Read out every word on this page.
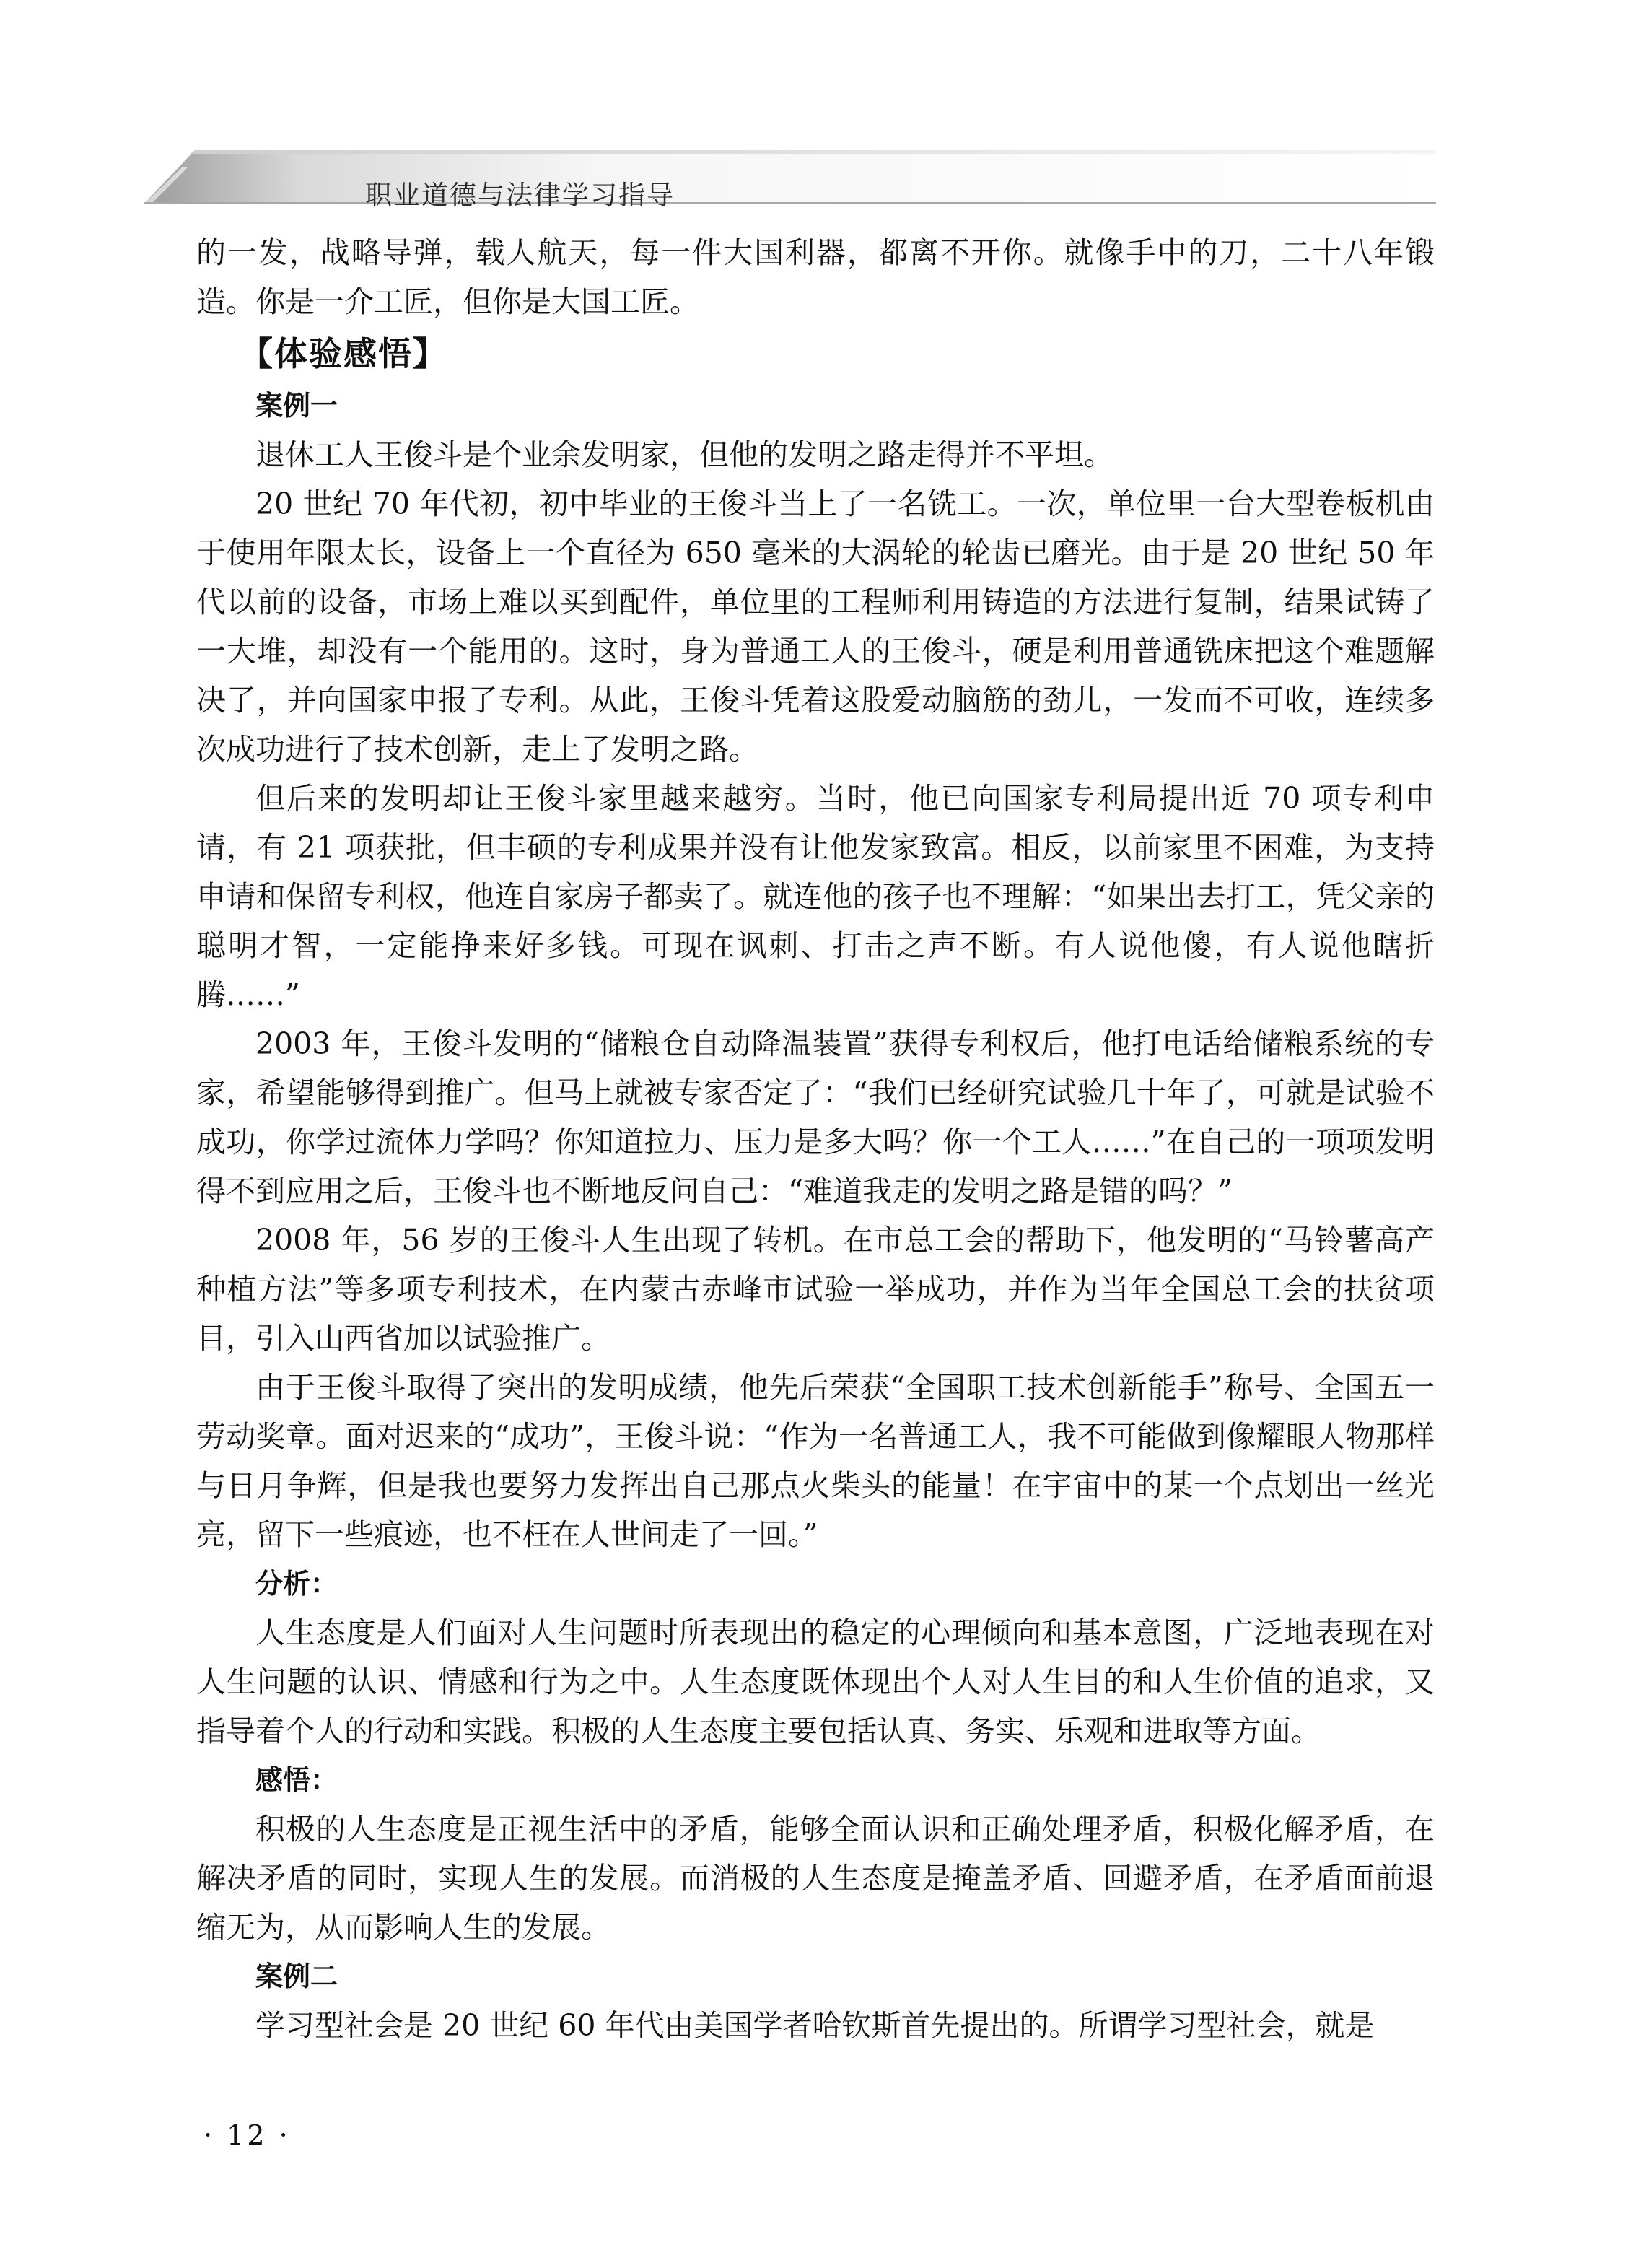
职业道德与法律学习指导

的一发，战略导弹，载人航天，每一件大国利器，都离不开你。就像手中的刀，二十八年锻造。你是一介工匠，但你是大国工匠。

【体验感悟】
案例一

退休工人王俊斗是个业余发明家，但他的发明之路走得并不平坦。

20 世纪 70 年代初，初中毕业的王俊斗当上了一名铣工。一次，单位里一台大型卷板机由于使用年限太长，设备上一个直径为 650 毫米的大涡轮的轮齿已磨光。由于是 20 世纪 50 年代以前的设备，市场上难以买到配件，单位里的工程师利用铸造的方法进行复制，结果试铸了一大堆，却没有一个能用的。这时，身为普通工人的王俊斗，硬是利用普通铣床把这个难题解决了，并向国家申报了专利。从此，王俊斗凭着这股爱动脑筋的劲儿，一发而不可收，连续多次成功进行了技术创新，走上了发明之路。

但后来的发明却让王俊斗家里越来越穷。当时，他已向国家专利局提出近 70 项专利申请，有 21 项获批，但丰硕的专利成果并没有让他发家致富。相反，以前家里不困难，为支持申请和保留专利权，他连自家房子都卖了。就连他的孩子也不理解：“如果出去打工，凭父亲的聪明才智，一定能挣来好多钱。可现在讽刺、打击之声不断。有人说他傻，有人说他瞎折腾……”

2003 年，王俊斗发明的“储粮仓自动降温装置”获得专利权后，他打电话给储粮系统的专家，希望能够得到推广。但马上就被专家否定了：“我们已经研究试验几十年了，可就是试验不成功，你学过流体力学吗？你知道拉力、压力是多大吗？你一个工人……”在自己的一项项发明得不到应用之后，王俊斗也不断地反问自己：“难道我走的发明之路是错的吗？”

2008 年，56 岁的王俊斗人生出现了转机。在市总工会的帮助下，他发明的“马铃薯高产种植方法”等多项专利技术，在内蒙古赤峰市试验一举成功，并作为当年全国总工会的扶贫项目，引入山西省加以试验推广。

由于王俊斗取得了突出的发明成绩，他先后荣获“全国职工技术创新能手”称号、全国五一劳动奖章。面对迟来的“成功”，王俊斗说：“作为一名普通工人，我不可能做到像耀眼人物那样与日月争辉，但是我也要努力发挥出自己那点火柴头的能量！在宇宙中的某一个点划出一丝光亮，留下一些痕迹，也不枉在人世间走了一回。”

分析：

人生态度是人们面对人生问题时所表现出的稳定的心理倾向和基本意图，广泛地表现在对人生问题的认识、情感和行为之中。人生态度既体现出个人对人生目的和人生价值的追求，又指导着个人的行动和实践。积极的人生态度主要包括认真、务实、乐观和进取等方面。

感悟：

积极的人生态度是正视生活中的矛盾，能够全面认识和正确处理矛盾，积极化解矛盾，在解决矛盾的同时，实现人生的发展。而消极的人生态度是掩盖矛盾、回避矛盾，在矛盾面前退缩无为，从而影响人生的发展。

案例二

学习型社会是 20 世纪 60 年代由美国学者哈钦斯首先提出的。所谓学习型社会，就是

· 12 ·
